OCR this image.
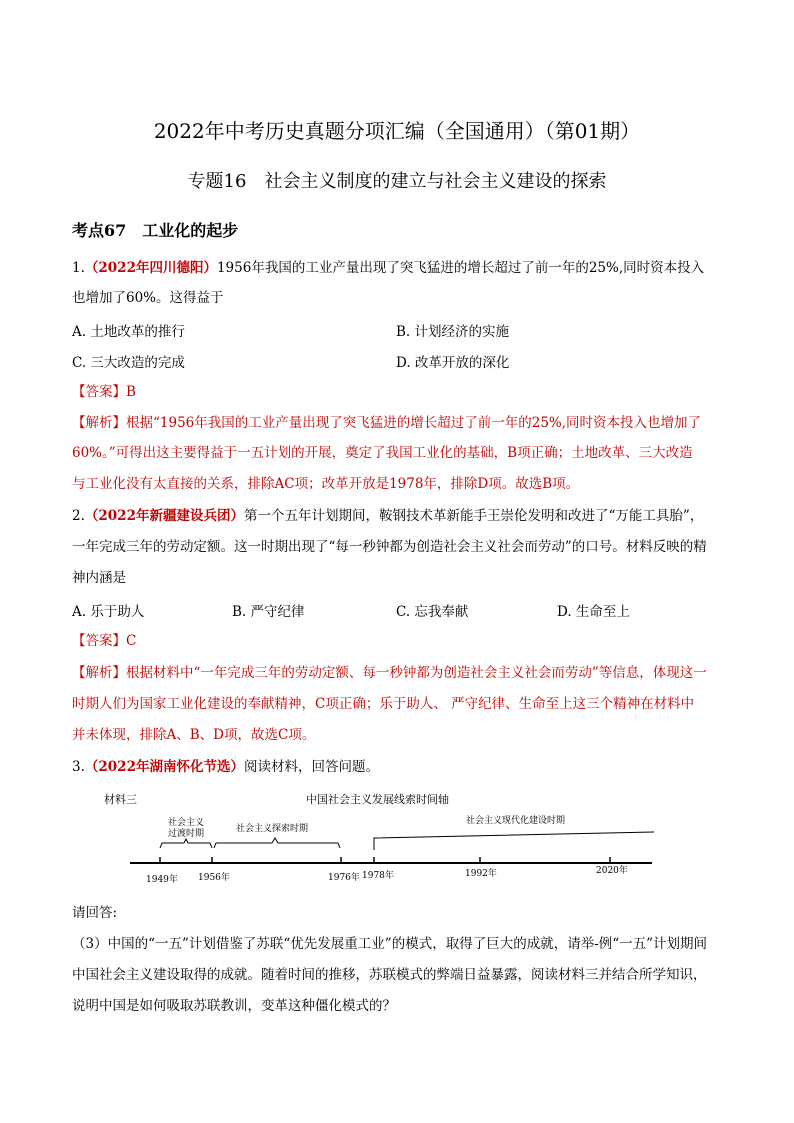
2022年中考历史真题分项汇编（全国通用）（第01期）
专题16　社会主义制度的建立与社会主义建设的探索
考点67　工业化的起步
1.（2022年四川德阳）1956年我国的工业产量出现了突飞猛进的增长超过了前一年的25%,同时资本投入
也增加了60%。这得益于
A. 土地改革的推行	B. 计划经济的实施
C. 三大改造的完成	D. 改革开放的深化
【答案】B
【解析】根据“1956年我国的工业产量出现了突飞猛进的增长超过了前一年的25%,同时资本投入也增加了
60%。”可得出这主要得益于一五计划的开展，奠定了我国工业化的基础，B项正确；土地改革、三大改造
与工业化没有太直接的关系，排除AC项；改革开放是1978年，排除D项。故选B项。
2.（2022年新疆建设兵团）第一个五年计划期间，鞍钢技术革新能手王崇伦发明和改进了“万能工具胎”，
一年完成三年的劳动定额。这一时期出现了“每一秒钟都为创造社会主义社会而劳动”的口号。材料反映的精
神内涵是
A. 乐于助人	B. 严守纪律	C. 忘我奉献	D. 生命至上
【答案】C
【解析】根据材料中“一年完成三年的劳动定额、每一秒钟都为创造社会主义社会而劳动”等信息，体现这一
时期人们为国家工业化建设的奉献精神，C项正确；乐于助人、 严守纪律、生命至上这三个精神在材料中
并未体现，排除A、B、D项，故选C项。
3.（2022年湖南怀化节选）阅读材料，回答问题。
材料三	中国社会主义发展线索时间轴
社会主义
过渡时期	社会主义探索时期
社会主义现代化建设时期
1949年 1956年	1976年 1978年	1992年	2020年
请回答:
（3）中国的“一五”计划借鉴了苏联“优先发展重工业”的模式，取得了巨大的成就，请举-例“一五”计划期间
中国社会主义建设取得的成就。随着时间的推移，苏联模式的弊端日益暴露，阅读材料三并结合所学知识，
说明中国是如何吸取苏联教训，变革这种僵化模式的？
